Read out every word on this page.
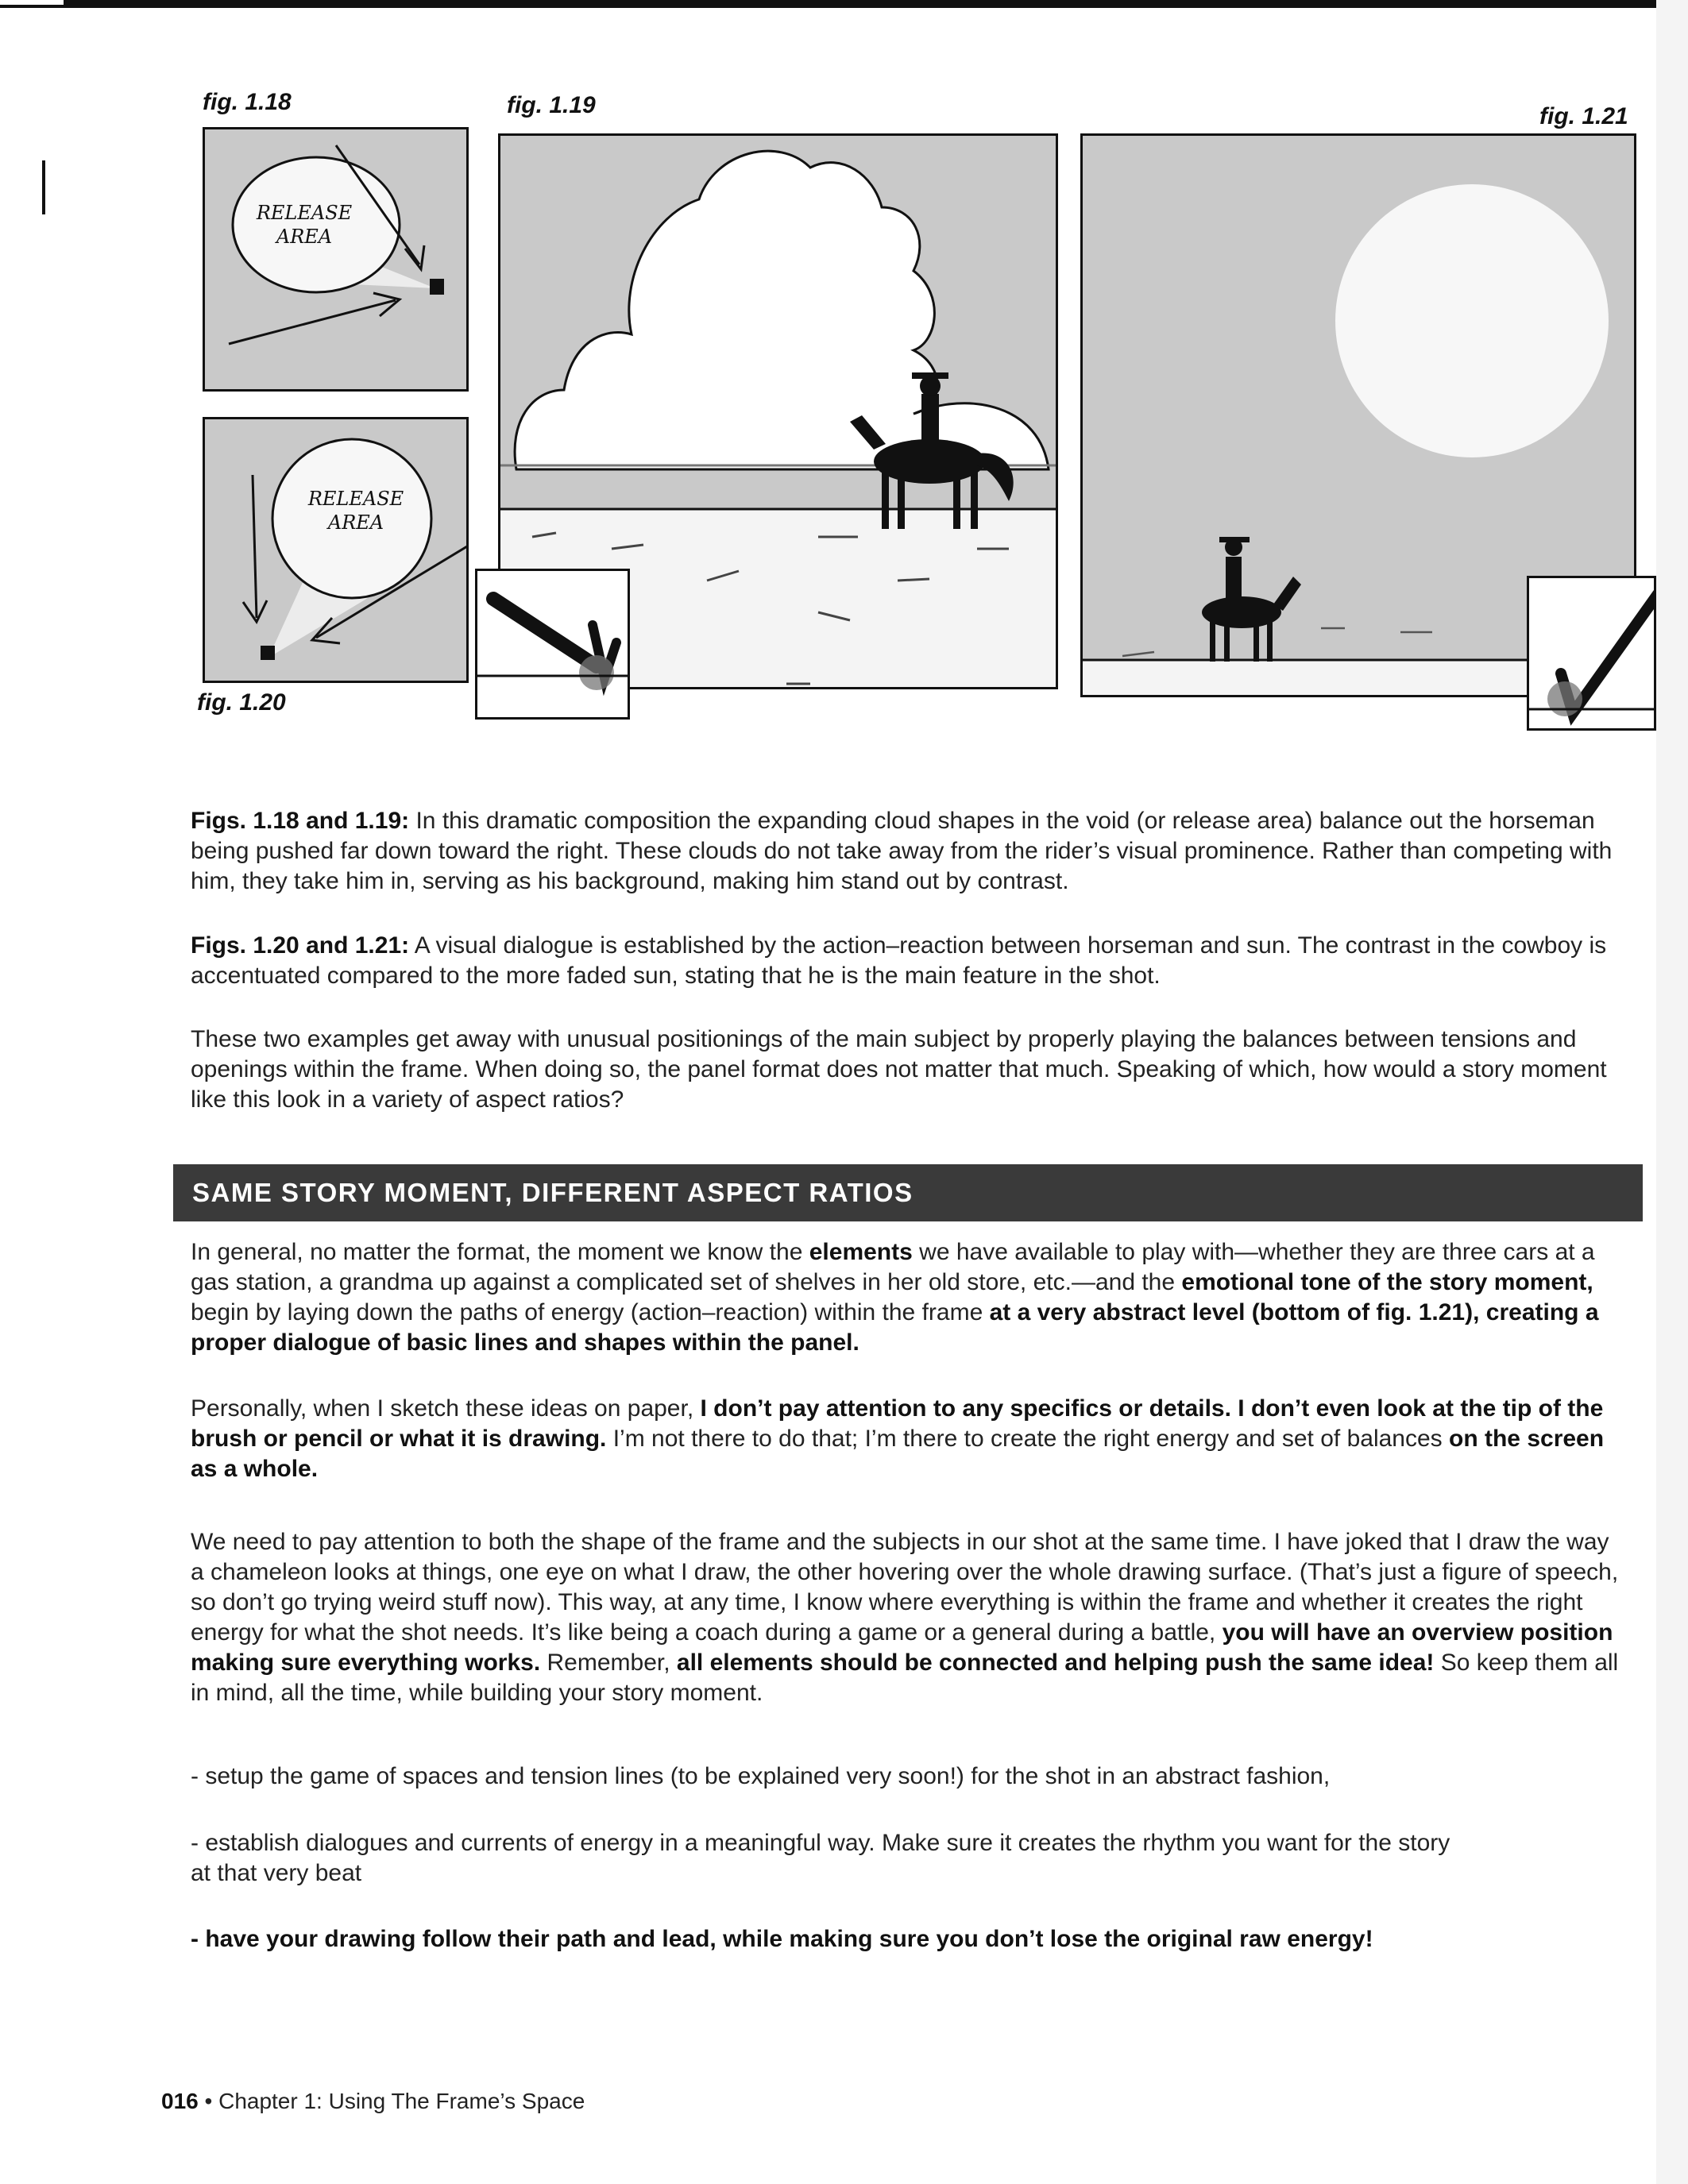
fig. 1.18	fig. 1.19	fig. 1.21
fig. 1.20
RELEASE AREA
RELEASE AREA

Figs. 1.18 and 1.19: In this dramatic composition the expanding cloud shapes in the void (or release area) balance out the horseman being pushed far down toward the right. These clouds do not take away from the rider’s visual prominence. Rather than competing with him, they take him in, serving as his background, making him stand out by contrast.

Figs. 1.20 and 1.21: A visual dialogue is established by the action–reaction between horseman and sun. The contrast in the cowboy is accentuated compared to the more faded sun, stating that he is the main feature in the shot.

These two examples get away with unusual positionings of the main subject by properly playing the balances between tensions and openings within the frame. When doing so, the panel format does not matter that much. Speaking of which, how would a story moment like this look in a variety of aspect ratios?

SAME STORY MOMENT, DIFFERENT ASPECT RATIOS

In general, no matter the format, the moment we know the elements we have available to play with—whether they are three cars at a gas station, a grandma up against a complicated set of shelves in her old store, etc.—and the emotional tone of the story moment, begin by laying down the paths of energy (action–reaction) within the frame at a very abstract level (bottom of fig. 1.21), creating a proper dialogue of basic lines and shapes within the panel.

Personally, when I sketch these ideas on paper, I don’t pay attention to any specifics or details. I don’t even look at the tip of the brush or pencil or what it is drawing. I’m not there to do that; I’m there to create the right energy and set of balances on the screen as a whole.

We need to pay attention to both the shape of the frame and the subjects in our shot at the same time. I have joked that I draw the way a chameleon looks at things, one eye on what I draw, the other hovering over the whole drawing surface. (That’s just a figure of speech, so don’t go trying weird stuff now). This way, at any time, I know where everything is within the frame and whether it creates the right energy for what the shot needs. It’s like being a coach during a game or a general during a battle, you will have an overview position making sure everything works. Remember, all elements should be connected and helping push the same idea! So keep them all in mind, all the time, while building your story moment.

- setup the game of spaces and tension lines (to be explained very soon!) for the shot in an abstract fashion,

- establish dialogues and currents of energy in a meaningful way. Make sure it creates the rhythm you want for the story at that very beat

- have your drawing follow their path and lead, while making sure you don’t lose the original raw energy!

016 • Chapter 1: Using The Frame’s Space
